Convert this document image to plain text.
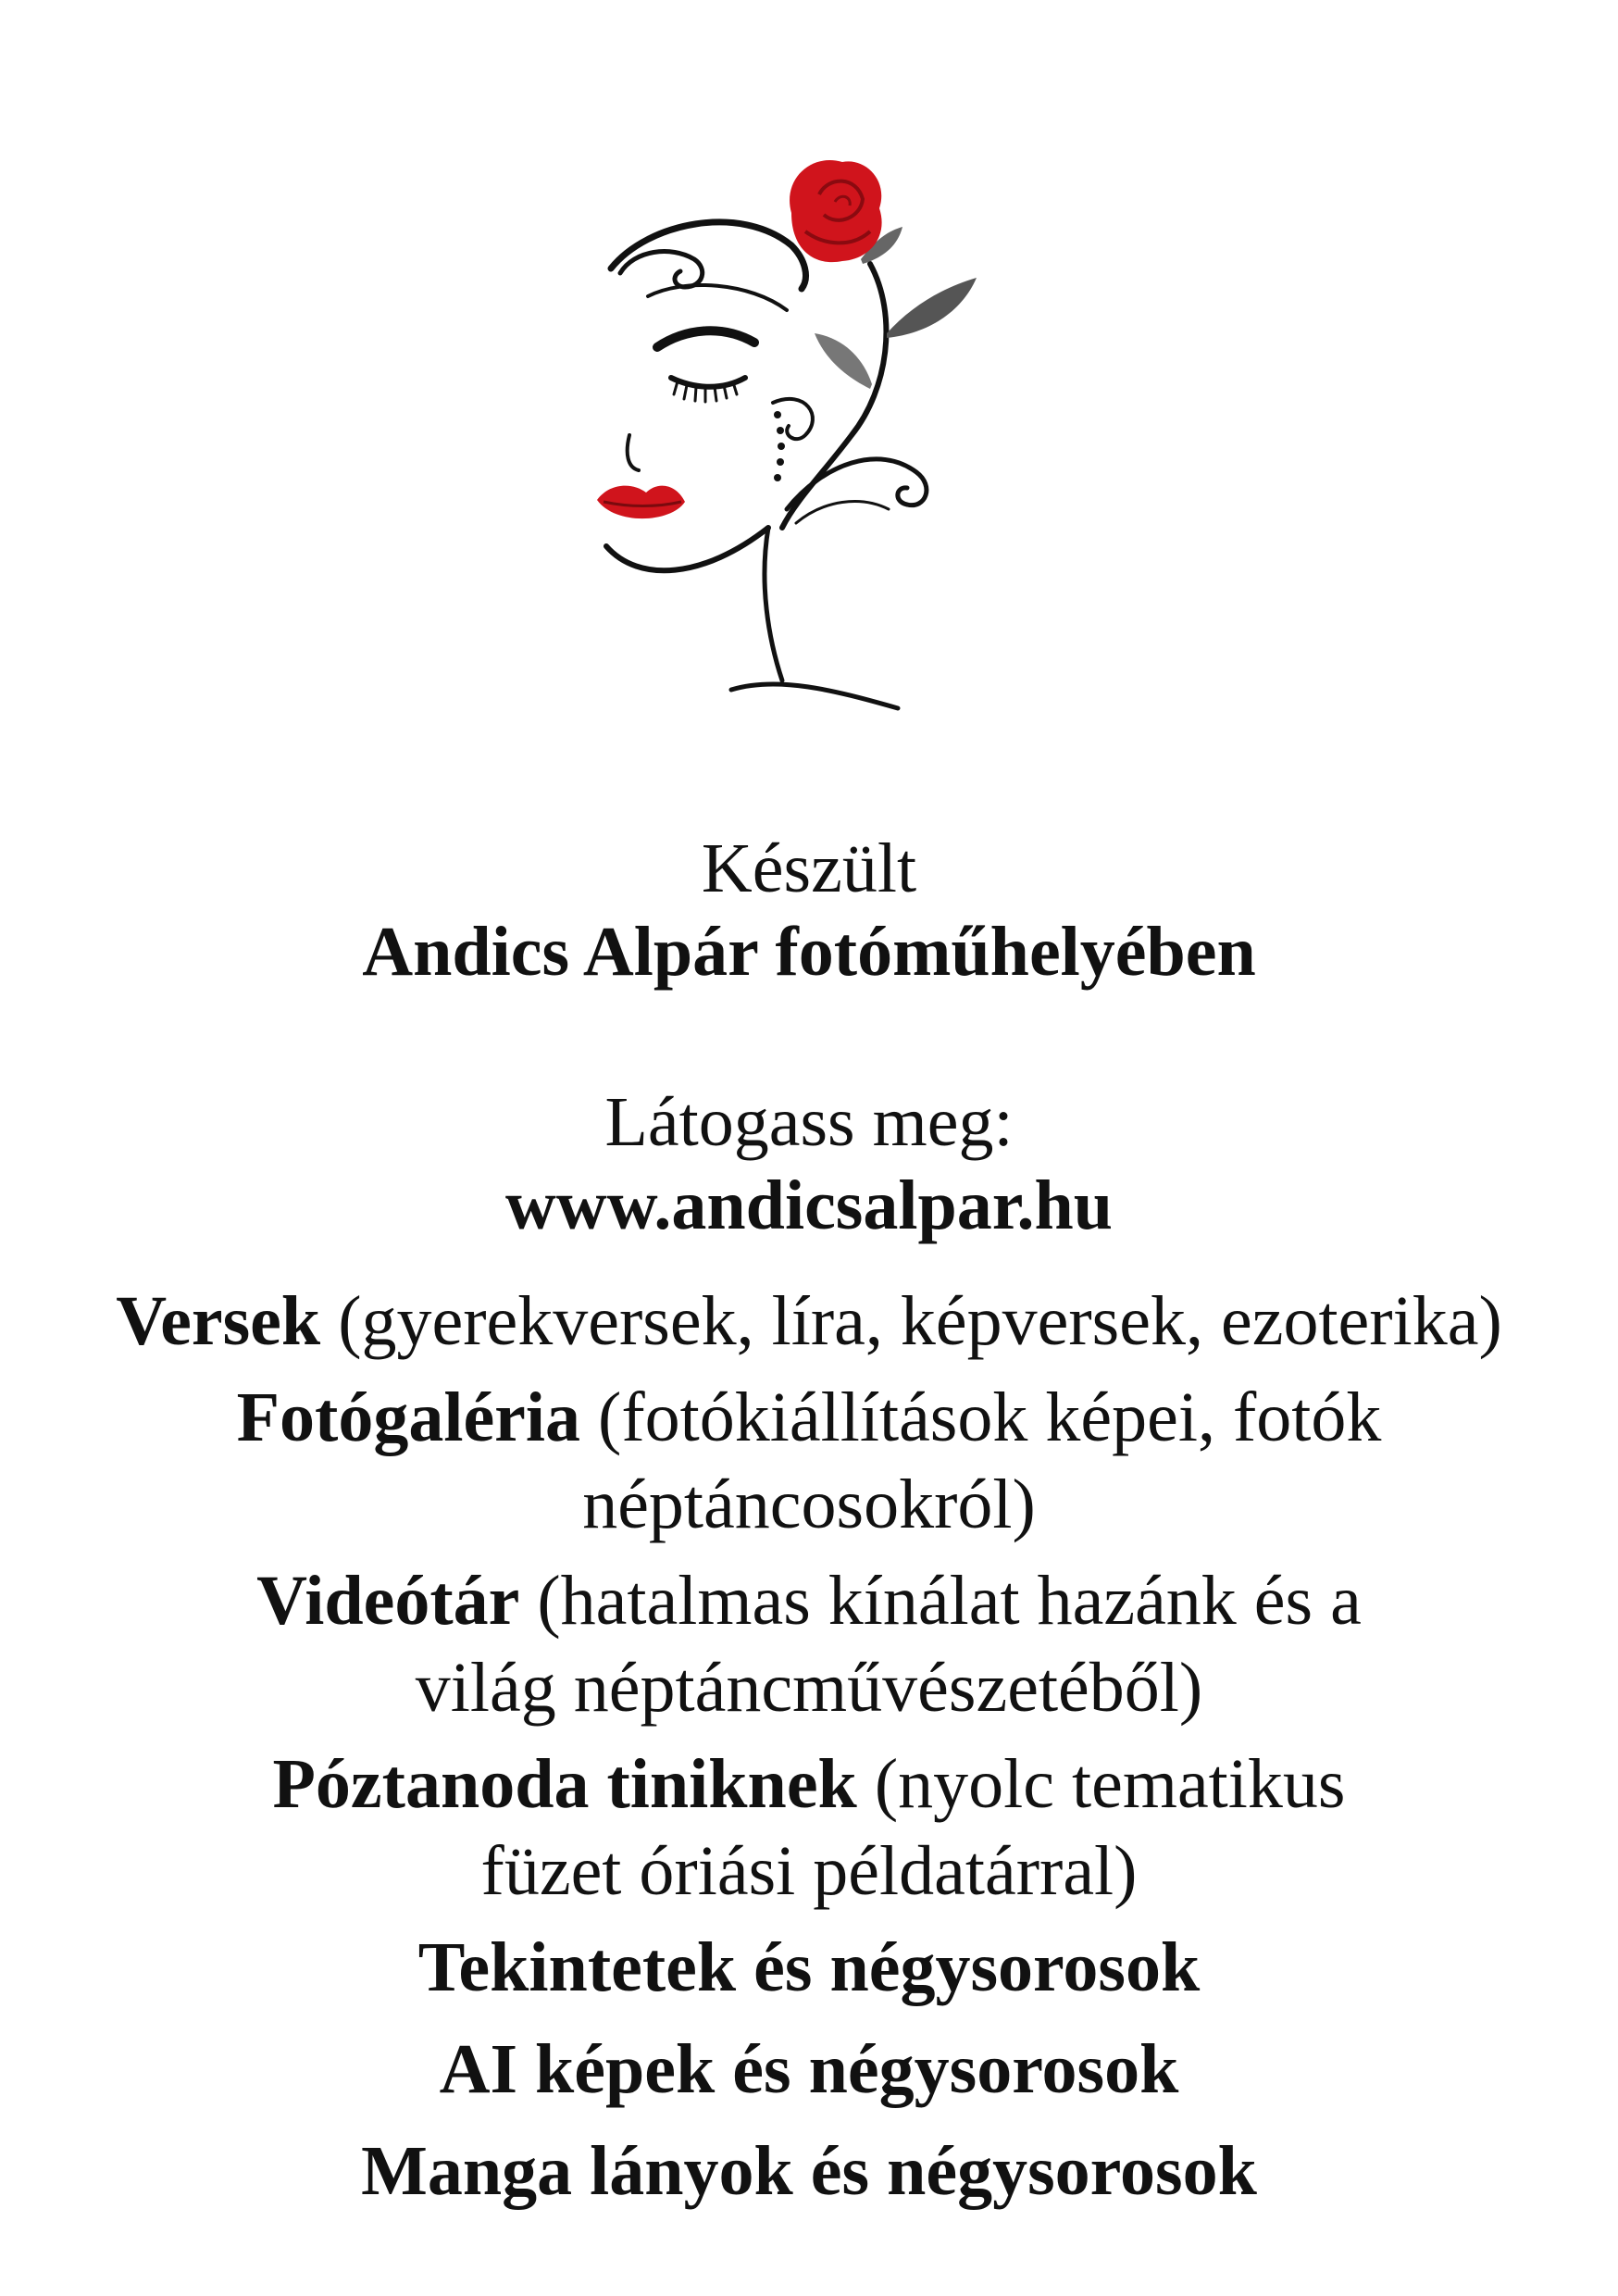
Készült
Andics Alpár fotóműhelyében
Látogass meg:
www.andicsalpar.hu
Versek (gyerekversek, líra, képversek, ezoterika)
Fotógaléria (fotókiállítások képei, fotók néptáncosokról)
Videótár (hatalmas kínálat hazánk és a világ néptáncművészetéből)
Póztanoda tiniknek (nyolc tematikus füzet óriási példatárral)
Tekintetek és négysorosok
AI képek és négysorosok
Manga lányok és négysorosok
